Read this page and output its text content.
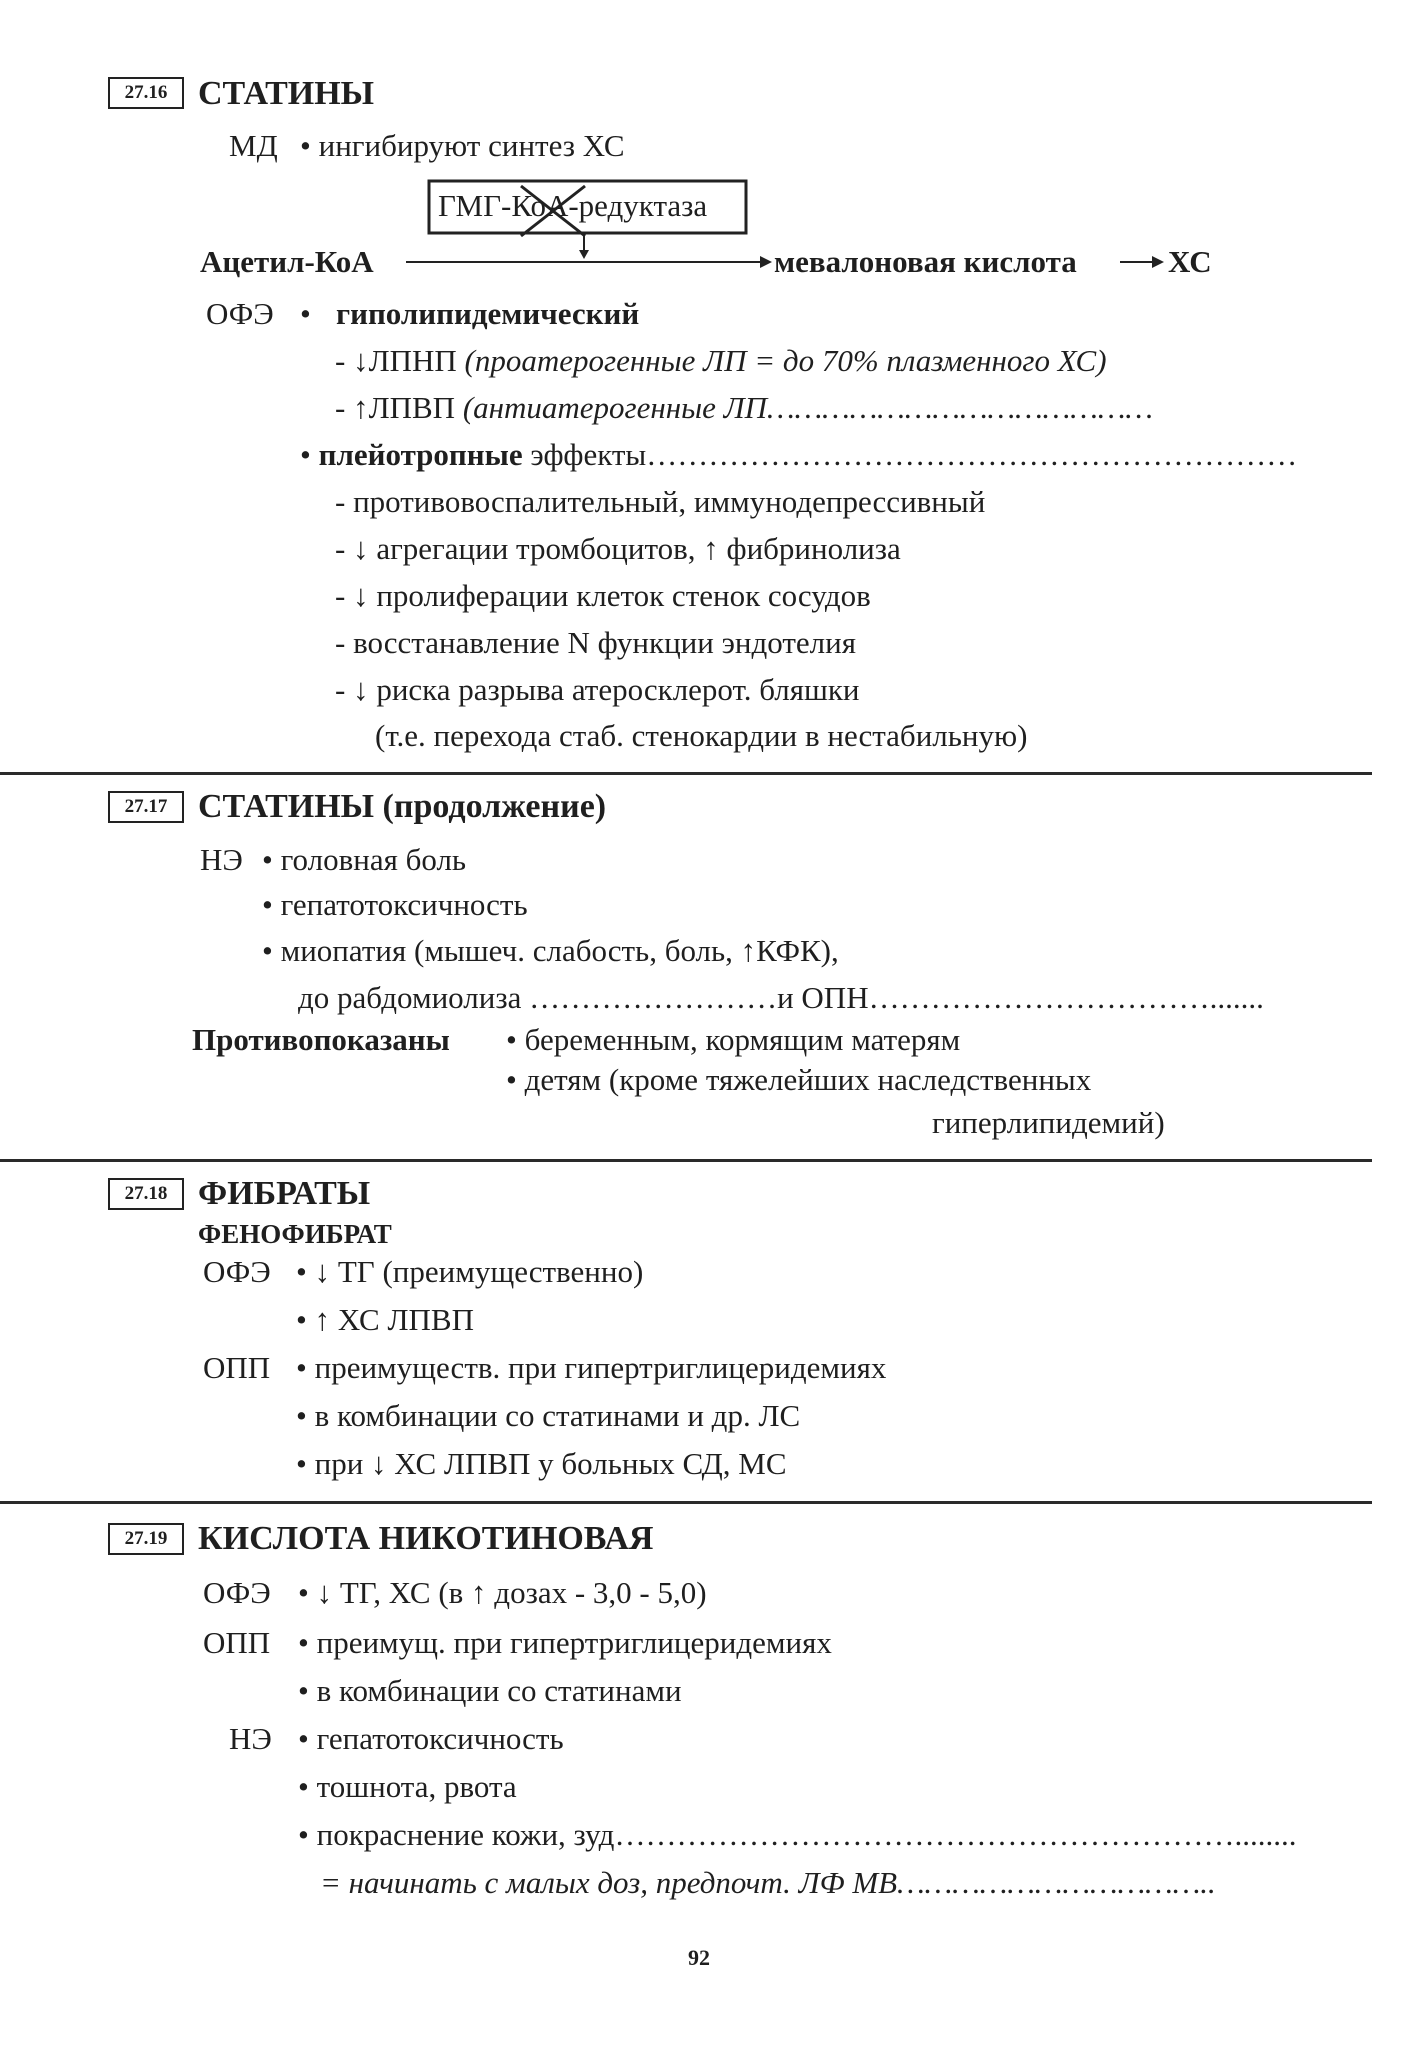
27.16 СТАТИНЫ
МД • ингибируют синтез ХС
ГМГ-КоА-редуктаза
Ацетил-КоА	мевалоновая кислота	ХС
ОФЭ • гиполипидемический
- ↓ЛПНП (проатерогенные ЛП = до 70% плазменного ХС)
- ↑ЛПВП (антиатерогенные ЛП……………………………………
• плейотропные эффекты………………………………………………………
- противовоспалительный, иммунодепрессивный
- ↓ агрегации тромбоцитов, ↑ фибринолиза
- ↓ пролиферации клеток стенок сосудов
- восстанавление N функции эндотелия
- ↓ риска разрыва атеросклерот. бляшки
(т.е. перехода стаб. стенокардии в нестабильную)
27.17 СТАТИНЫ (продолжение)
НЭ • головная боль
• гепатотоксичность
• миопатия (мышеч. слабость, боль, ↑КФК),
до рабдомиолиза ……………………и ОПН…………………………….......
Противопоказаны • беременным, кормящим матерям
• детям (кроме тяжелейших наследственных
гиперлипидемий)
27.18 ФИБРАТЫ
ФЕНОФИБРАТ
ОФЭ • ↓ ТГ (преимущественно)
• ↑ ХС ЛПВП
ОПП • преимуществ. при гипертриглицеридемиях
• в комбинации со статинами и др. ЛС
• при ↓ ХС ЛПВП у больных СД, МС
27.19 КИСЛОТА НИКОТИНОВАЯ
ОФЭ • ↓ ТГ, ХС (в ↑ дозах - 3,0 - 5,0)
ОПП • преимущ. при гипертриглицеридемиях
• в комбинации со статинами
НЭ • гепатотоксичность
• тошнота, рвота
• покраснение кожи, зуд……………………………………………………........
= начинать с малых доз, предпочт. ЛФ МВ……………………………..
92
